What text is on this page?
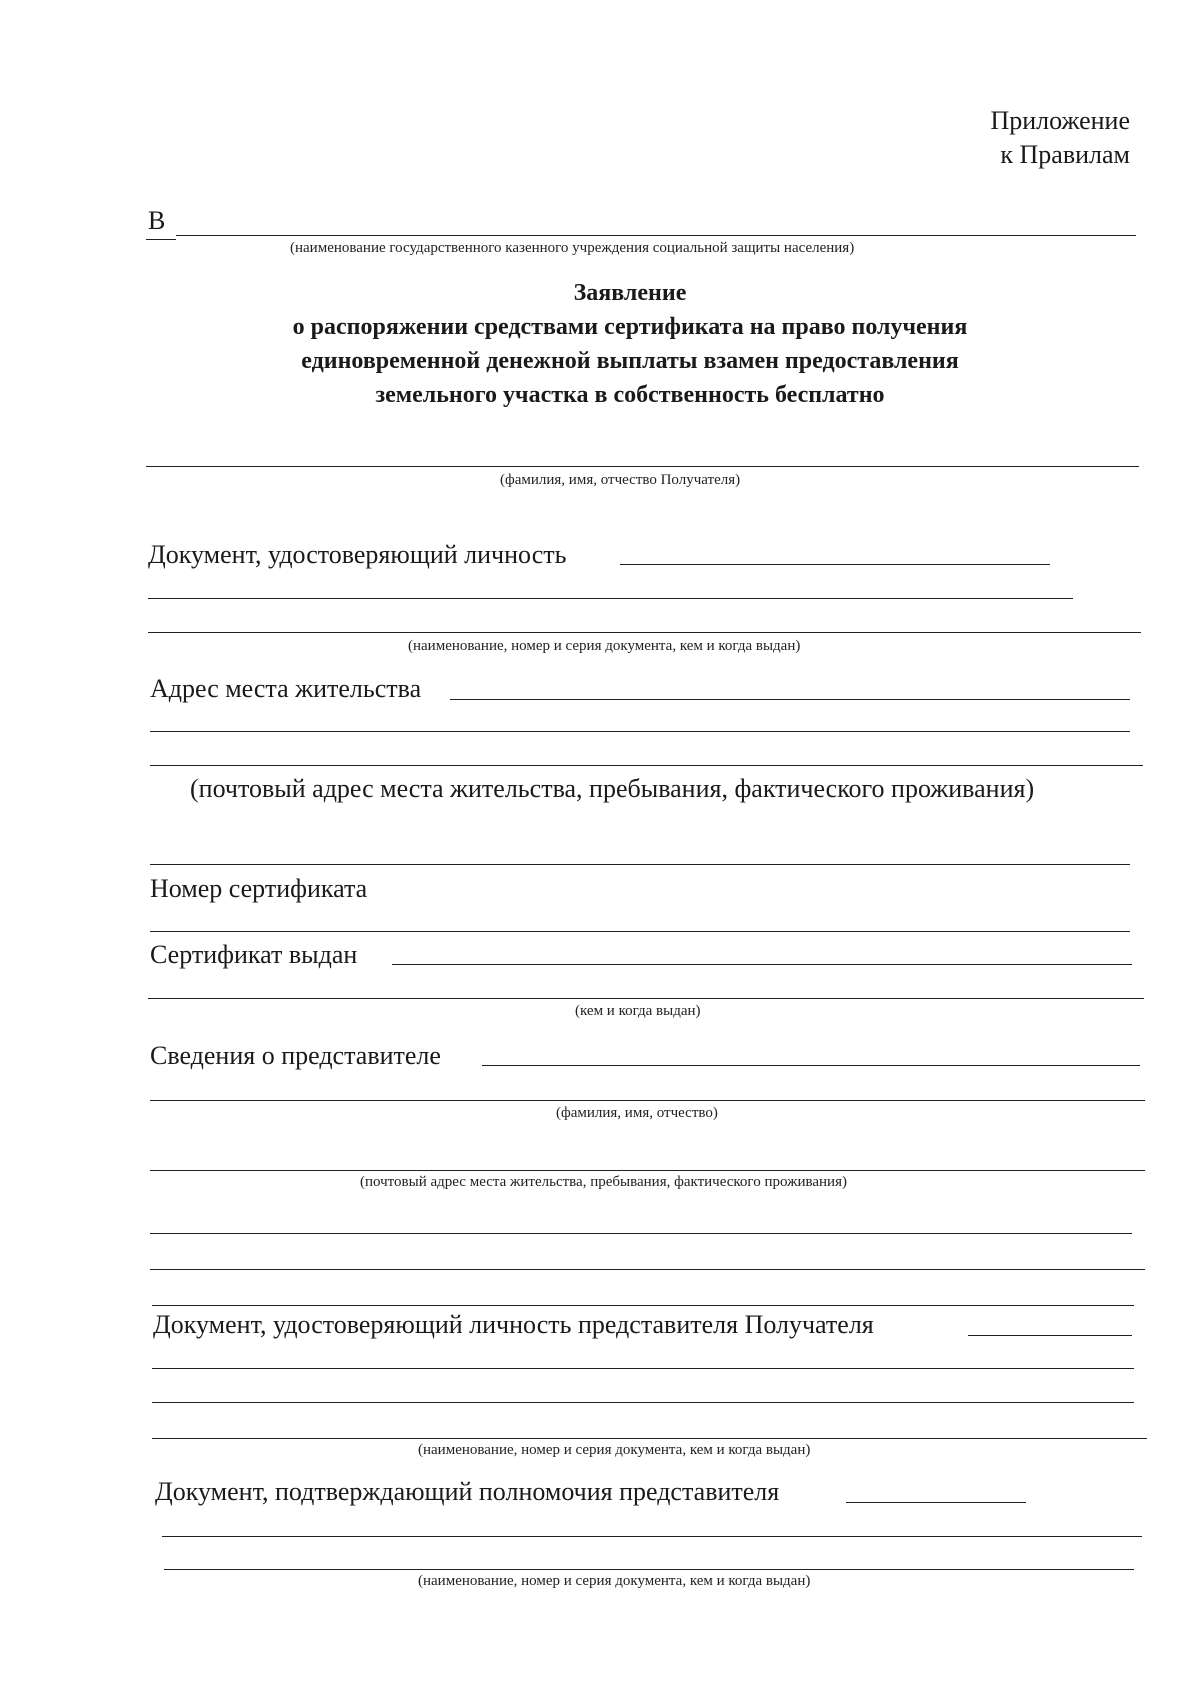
Приложение
к Правилам
В
(наименование государственного казенного учреждения социальной защиты населения)
Заявление
о распоряжении средствами сертификата на право получения
единовременной денежной выплаты взамен предоставления
земельного участка в собственность бесплатно
(фамилия, имя, отчество Получателя)
Документ, удостоверяющий личность
(наименование, номер и серия документа, кем и когда выдан)
Адрес места жительства
(почтовый адрес места жительства, пребывания, фактического проживания)
Номер сертификата
Сертификат выдан
(кем и когда выдан)
Сведения о представителе
(фамилия, имя, отчество)
(почтовый адрес места жительства, пребывания, фактического проживания)
Документ, удостоверяющий личность представителя Получателя
(наименование, номер и серия документа, кем и когда выдан)
Документ, подтверждающий полномочия представителя
(наименование, номер и серия документа, кем и когда выдан)
